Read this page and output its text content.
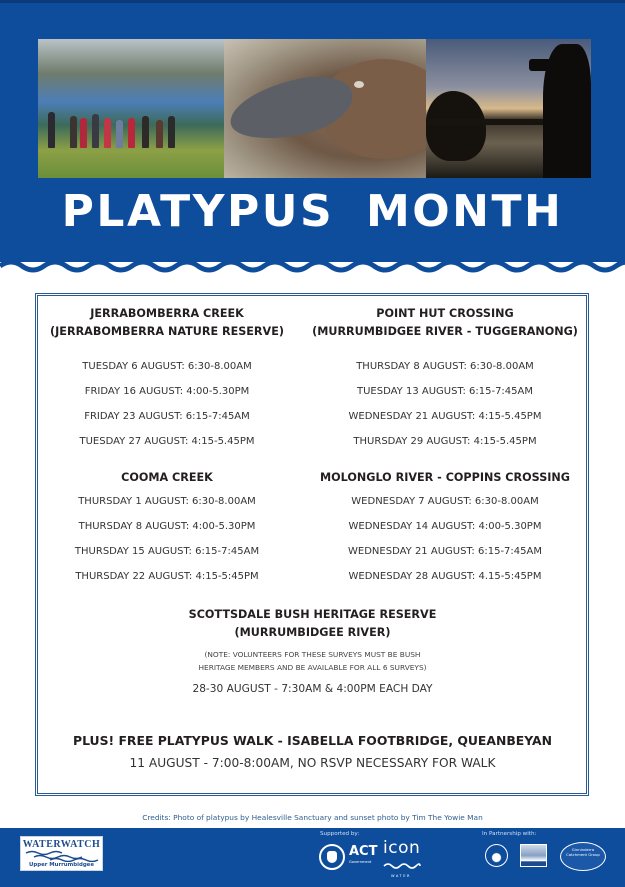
PLATYPUS MONTH
JERRABOMBERRA CREEK
(JERRABOMBERRA NATURE RESERVE)
TUESDAY 6 AUGUST: 6:30-8.00AM
FRIDAY 16 AUGUST: 4:00-5.30PM
FRIDAY 23 AUGUST: 6:15-7:45AM
TUESDAY 27 AUGUST: 4:15-5.45PM
POINT HUT CROSSING
(MURRUMBIDGEE RIVER - TUGGERANONG)
THURSDAY 8 AUGUST: 6:30-8.00AM
TUESDAY 13 AUGUST: 6:15-7:45AM
WEDNESDAY 21 AUGUST: 4:15-5.45PM
THURSDAY 29 AUGUST: 4:15-5.45PM
COOMA CREEK
THURSDAY 1 AUGUST: 6:30-8.00AM
THURSDAY 8 AUGUST: 4:00-5.30PM
THURSDAY 15 AUGUST: 6:15-7:45AM
THURSDAY 22 AUGUST: 4:15-5:45PM
MOLONGLO RIVER - COPPINS CROSSING
WEDNESDAY 7 AUGUST: 6:30-8.00AM
WEDNESDAY 14 AUGUST: 4:00-5.30PM
WEDNESDAY 21 AUGUST: 6:15-7:45AM
WEDNESDAY 28 AUGUST: 4.15-5:45PM
SCOTTSDALE BUSH HERITAGE RESERVE
(MURRUMBIDGEE RIVER)
(NOTE: VOLUNTEERS FOR THESE SURVEYS MUST BE BUSH
HERITAGE MEMBERS AND BE AVAILABLE FOR ALL 6 SURVEYS)
28-30 AUGUST - 7:30AM & 4:00PM EACH DAY
PLUS! FREE PLATYPUS WALK - ISABELLA FOOTBRIDGE, QUEANBEYAN
11 AUGUST - 7:00-8:00AM, NO RSVP NECESSARY FOR WALK
Credits: Photo of platypus by Healesville Sanctuary and sunset photo by Tim The Yowie Man
WATERWATCH
Upper Murrumbidgee
Supported by:
ACT
Government
icon
WATER
In Partnership with:
Ginninderra
Catchment Group
